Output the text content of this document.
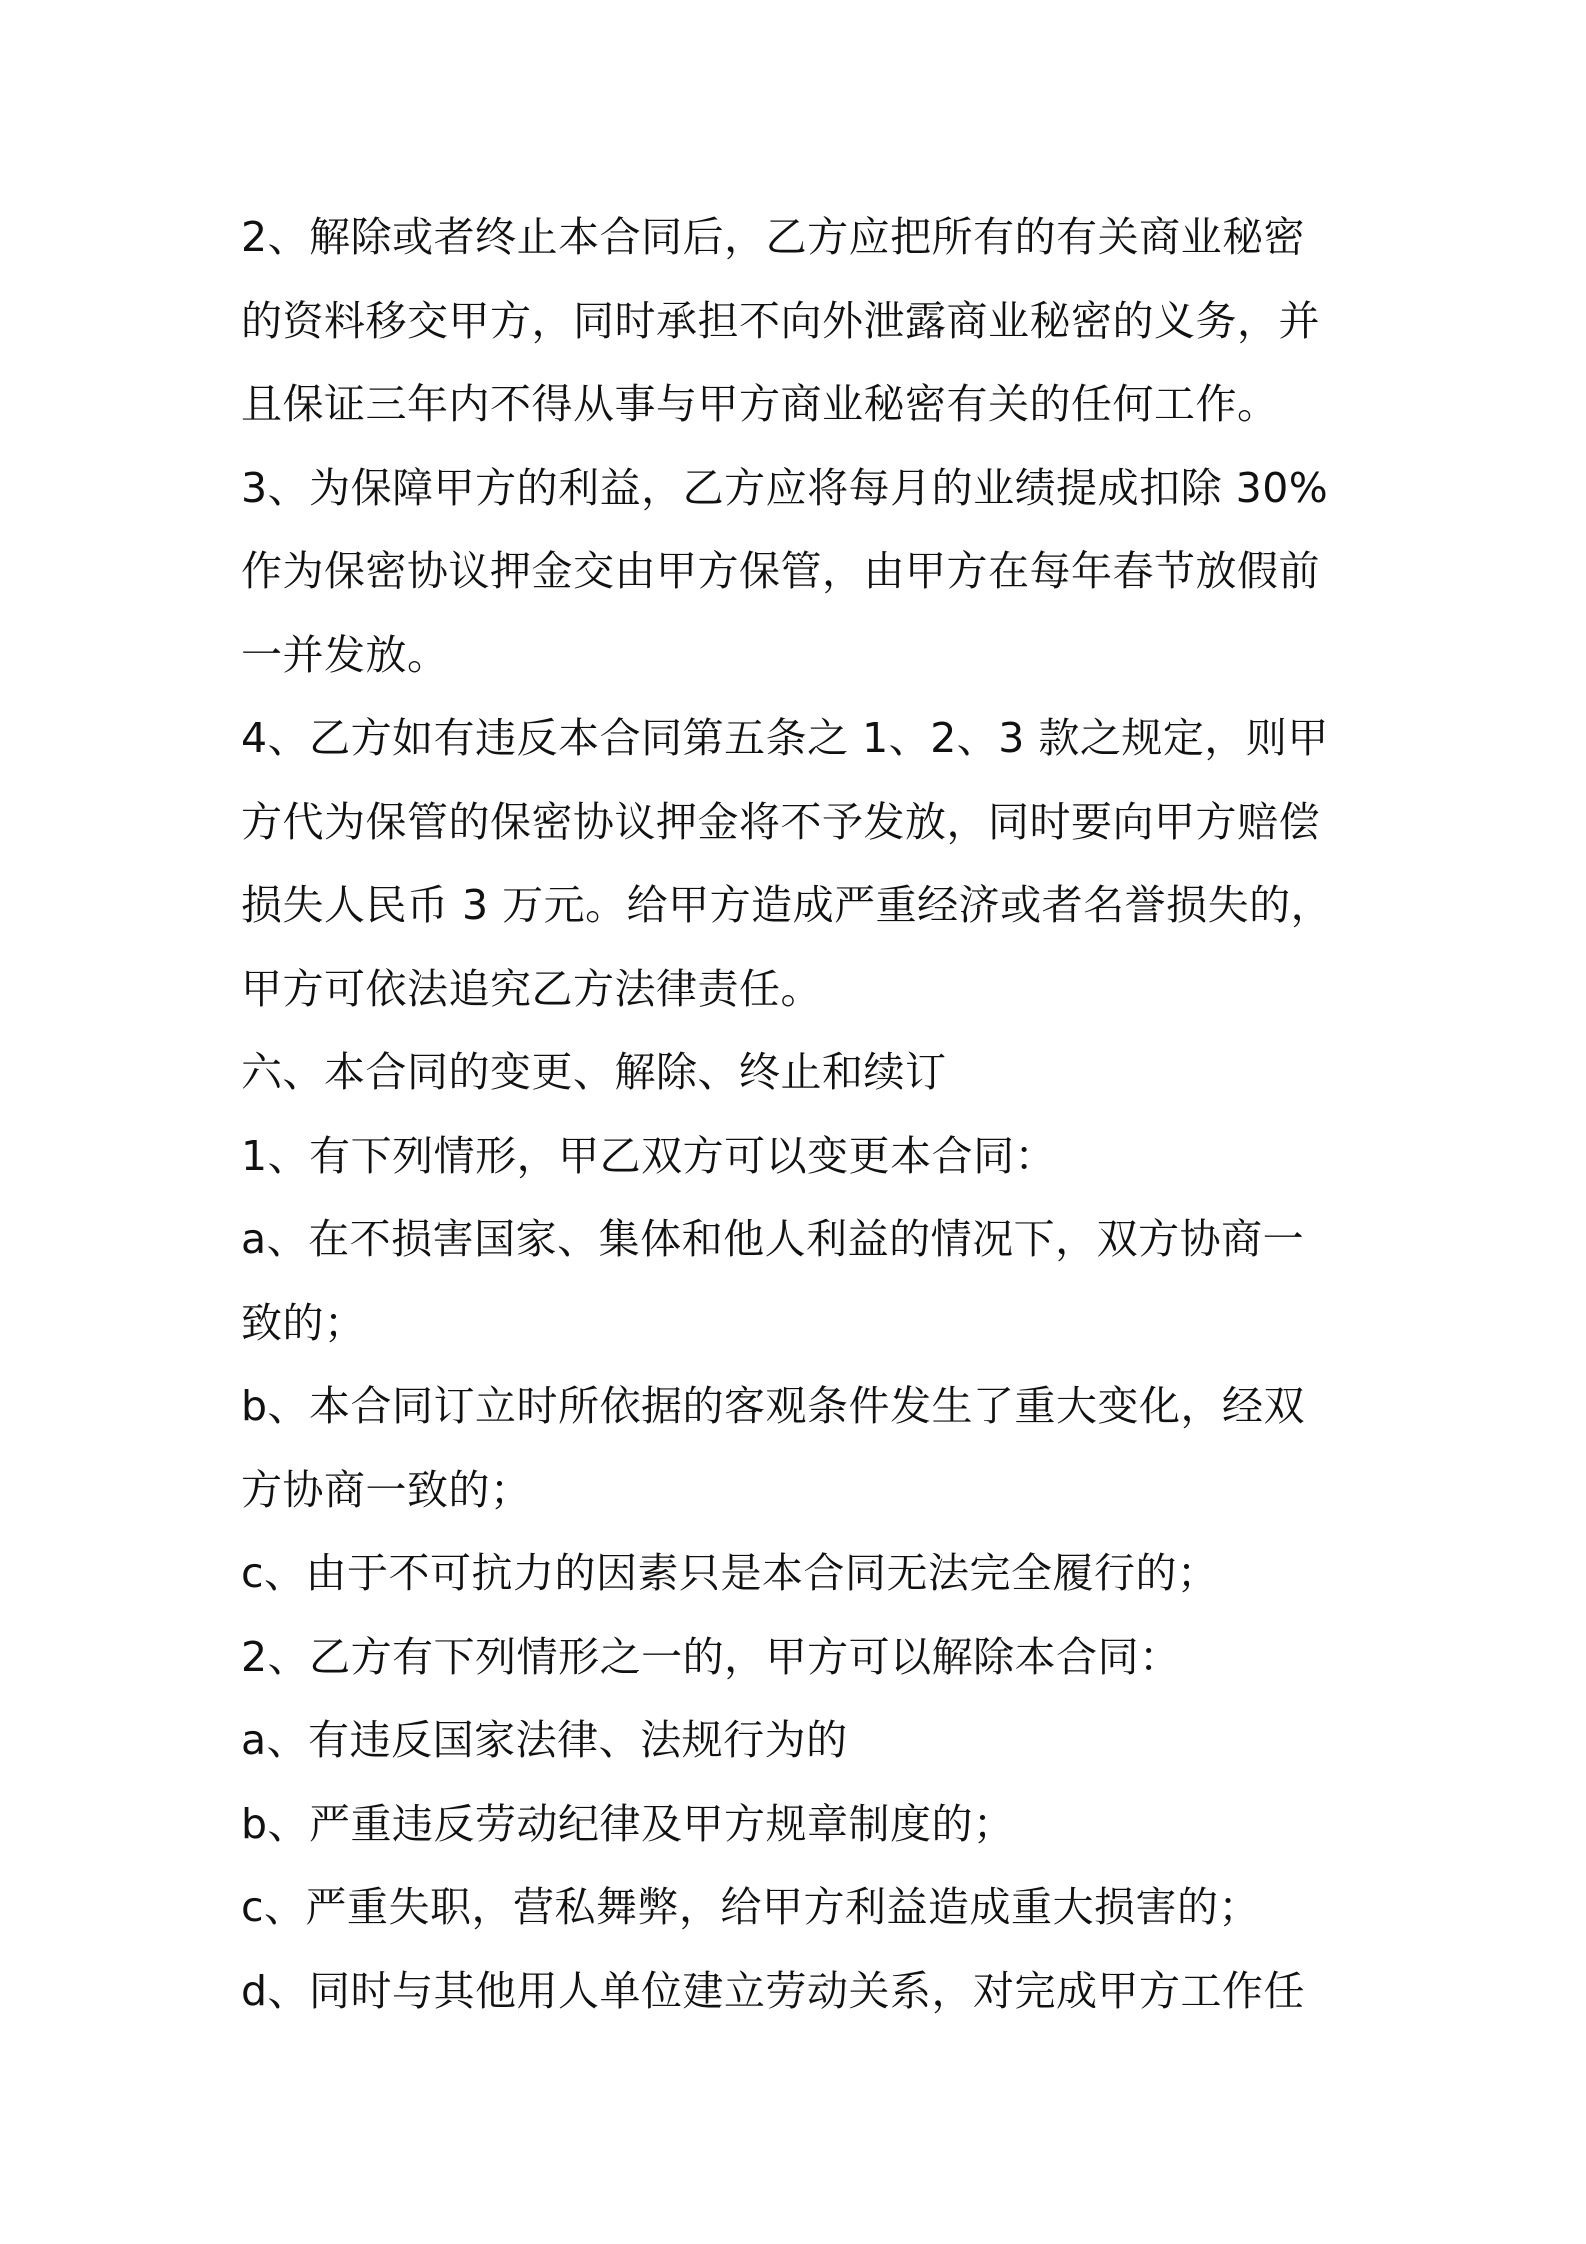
2、解除或者终止本合同后，乙方应把所有的有关商业秘密
的资料移交甲方，同时承担不向外泄露商业秘密的义务，并
且保证三年内不得从事与甲方商业秘密有关的任何工作。
3、为保障甲方的利益，乙方应将每月的业绩提成扣除 30%
作为保密协议押金交由甲方保管，由甲方在每年春节放假前
一并发放。
4、乙方如有违反本合同第五条之 1、2、3 款之规定，则甲
方代为保管的保密协议押金将不予发放，同时要向甲方赔偿
损失人民币 3 万元。给甲方造成严重经济或者名誉损失的，
甲方可依法追究乙方法律责任。
六、本合同的变更、解除、终止和续订
1、有下列情形，甲乙双方可以变更本合同：
a、在不损害国家、集体和他人利益的情况下，双方协商一
致的；
b、本合同订立时所依据的客观条件发生了重大变化，经双
方协商一致的；
c、由于不可抗力的因素只是本合同无法完全履行的；
2、乙方有下列情形之一的，甲方可以解除本合同：
a、有违反国家法律、法规行为的
b、严重违反劳动纪律及甲方规章制度的；
c、严重失职，营私舞弊，给甲方利益造成重大损害的；
d、同时与其他用人单位建立劳动关系，对完成甲方工作任
